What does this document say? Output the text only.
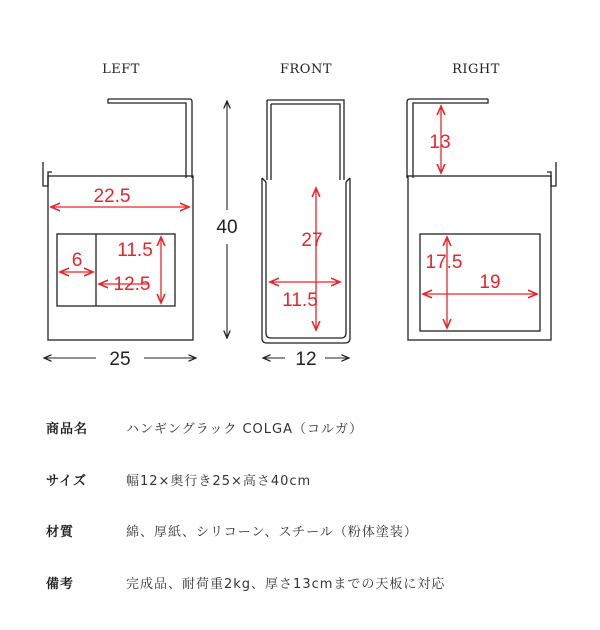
LEFT	FRONT	RIGHT
22.5
6 11.5
12.5
25
40
27
11.5
12
13
17.5
19
商品名	ハンギングラック COLGA（コルガ）
サイズ	幅12×奥行き25×高さ40cm
材質	綿、厚紙、シリコーン、スチール（粉体塗装）
備考	完成品、耐荷重2kg、厚さ13cmまでの天板に対応
